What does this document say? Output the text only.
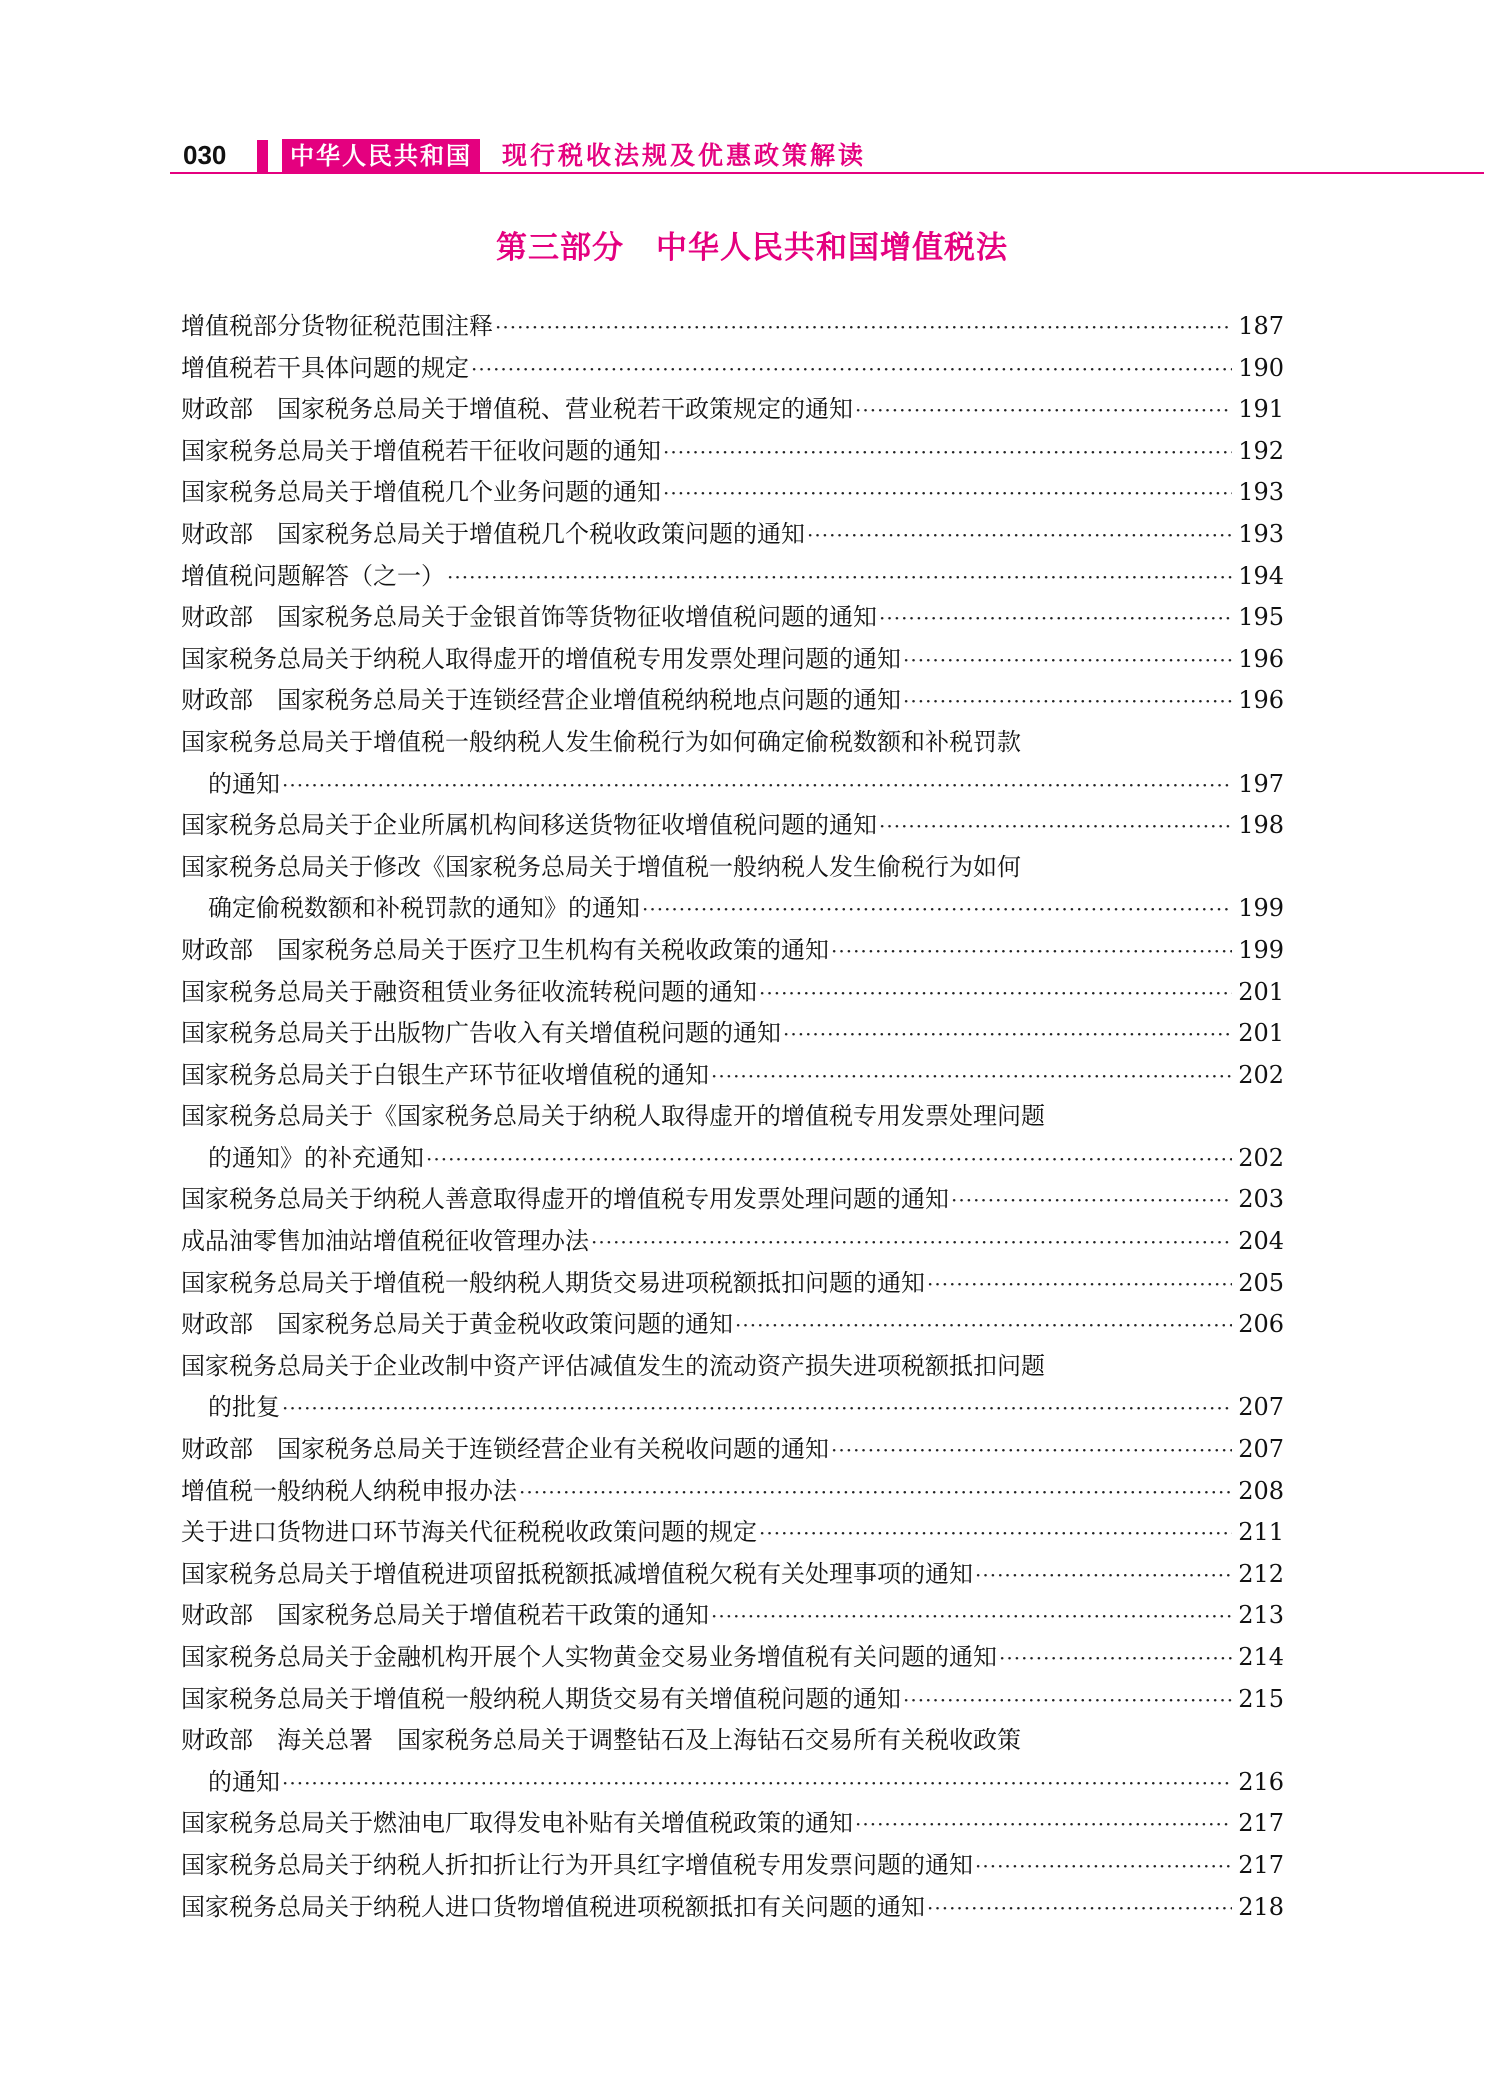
030	中华人民共和国	现行税收法规及优惠政策解读
第三部分　中华人民共和国增值税法
增值税部分货物征税范围注释 ·····	187
增值税若干具体问题的规定 ·····	190
财政部　国家税务总局关于增值税、营业税若干政策规定的通知 ·····	191
国家税务总局关于增值税若干征收问题的通知 ·····	192
国家税务总局关于增值税几个业务问题的通知 ·····	193
财政部　国家税务总局关于增值税几个税收政策问题的通知 ·····	193
增值税问题解答（之一） ·····	194
财政部　国家税务总局关于金银首饰等货物征收增值税问题的通知 ·····	195
国家税务总局关于纳税人取得虚开的增值税专用发票处理问题的通知 ·····	196
财政部　国家税务总局关于连锁经营企业增值税纳税地点问题的通知 ·····	196
国家税务总局关于增值税一般纳税人发生偷税行为如何确定偷税数额和补税罚款
的通知 ·····	197
国家税务总局关于企业所属机构间移送货物征收增值税问题的通知 ·····	198
国家税务总局关于修改《国家税务总局关于增值税一般纳税人发生偷税行为如何
确定偷税数额和补税罚款的通知》的通知 ·····	199
财政部　国家税务总局关于医疗卫生机构有关税收政策的通知 ·····	199
国家税务总局关于融资租赁业务征收流转税问题的通知 ·····	201
国家税务总局关于出版物广告收入有关增值税问题的通知 ·····	201
国家税务总局关于白银生产环节征收增值税的通知 ·····	202
国家税务总局关于《国家税务总局关于纳税人取得虚开的增值税专用发票处理问题
的通知》的补充通知 ·····	202
国家税务总局关于纳税人善意取得虚开的增值税专用发票处理问题的通知 ·····	203
成品油零售加油站增值税征收管理办法 ·····	204
国家税务总局关于增值税一般纳税人期货交易进项税额抵扣问题的通知 ·····	205
财政部　国家税务总局关于黄金税收政策问题的通知 ·····	206
国家税务总局关于企业改制中资产评估减值发生的流动资产损失进项税额抵扣问题
的批复 ·····	207
财政部　国家税务总局关于连锁经营企业有关税收问题的通知 ·····	207
增值税一般纳税人纳税申报办法 ·····	208
关于进口货物进口环节海关代征税税收政策问题的规定 ·····	211
国家税务总局关于增值税进项留抵税额抵减增值税欠税有关处理事项的通知 ·····	212
财政部　国家税务总局关于增值税若干政策的通知 ·····	213
国家税务总局关于金融机构开展个人实物黄金交易业务增值税有关问题的通知 ·····	214
国家税务总局关于增值税一般纳税人期货交易有关增值税问题的通知 ·····	215
财政部　海关总署　国家税务总局关于调整钻石及上海钻石交易所有关税收政策
的通知 ·····	216
国家税务总局关于燃油电厂取得发电补贴有关增值税政策的通知 ·····	217
国家税务总局关于纳税人折扣折让行为开具红字增值税专用发票问题的通知 ·····	217
国家税务总局关于纳税人进口货物增值税进项税额抵扣有关问题的通知 ·····	218
